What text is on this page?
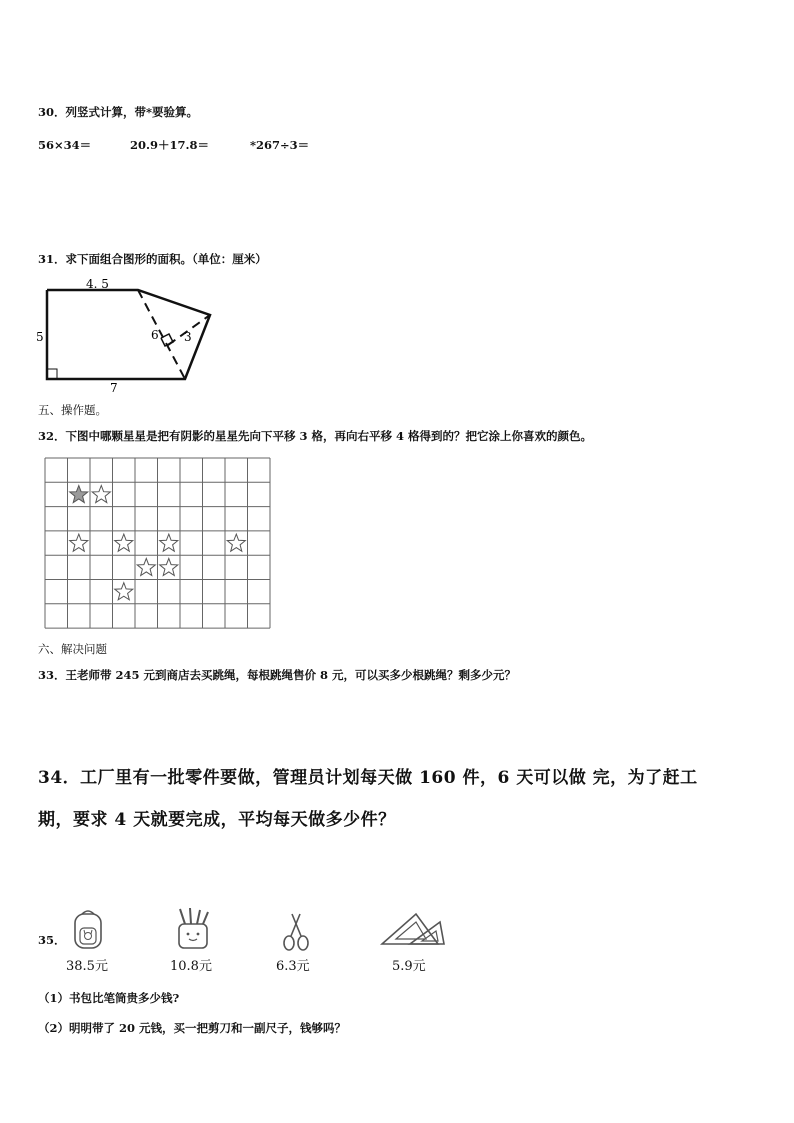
30．列竖式计算，带*要验算。
56×34＝	20.9＋17.8＝	*267÷3＝
31．求下面组合图形的面积。（单位：厘米）
4. 5
5
7
6 3
五、操作题。
32．下图中哪颗星星是把有阴影的星星先向下平移 3 格，再向右平移 4 格得到的？把它涂上你喜欢的颜色。
六、解决问题
33．王老师带 245 元到商店去买跳绳，每根跳绳售价 8 元，可以买多少根跳绳？剩多少元？
34．工厂里有一批零件要做，管理员计划每天做 160 件，6 天可以做 完，为了赶工
期，要求 4 天就要完成，平均每天做多少件？
35．
38.5元	10.8元	6.3元	5.9元
（1）书包比笔筒贵多少钱?
（2）明明带了 20 元钱，买一把剪刀和一副尺子，钱够吗？
